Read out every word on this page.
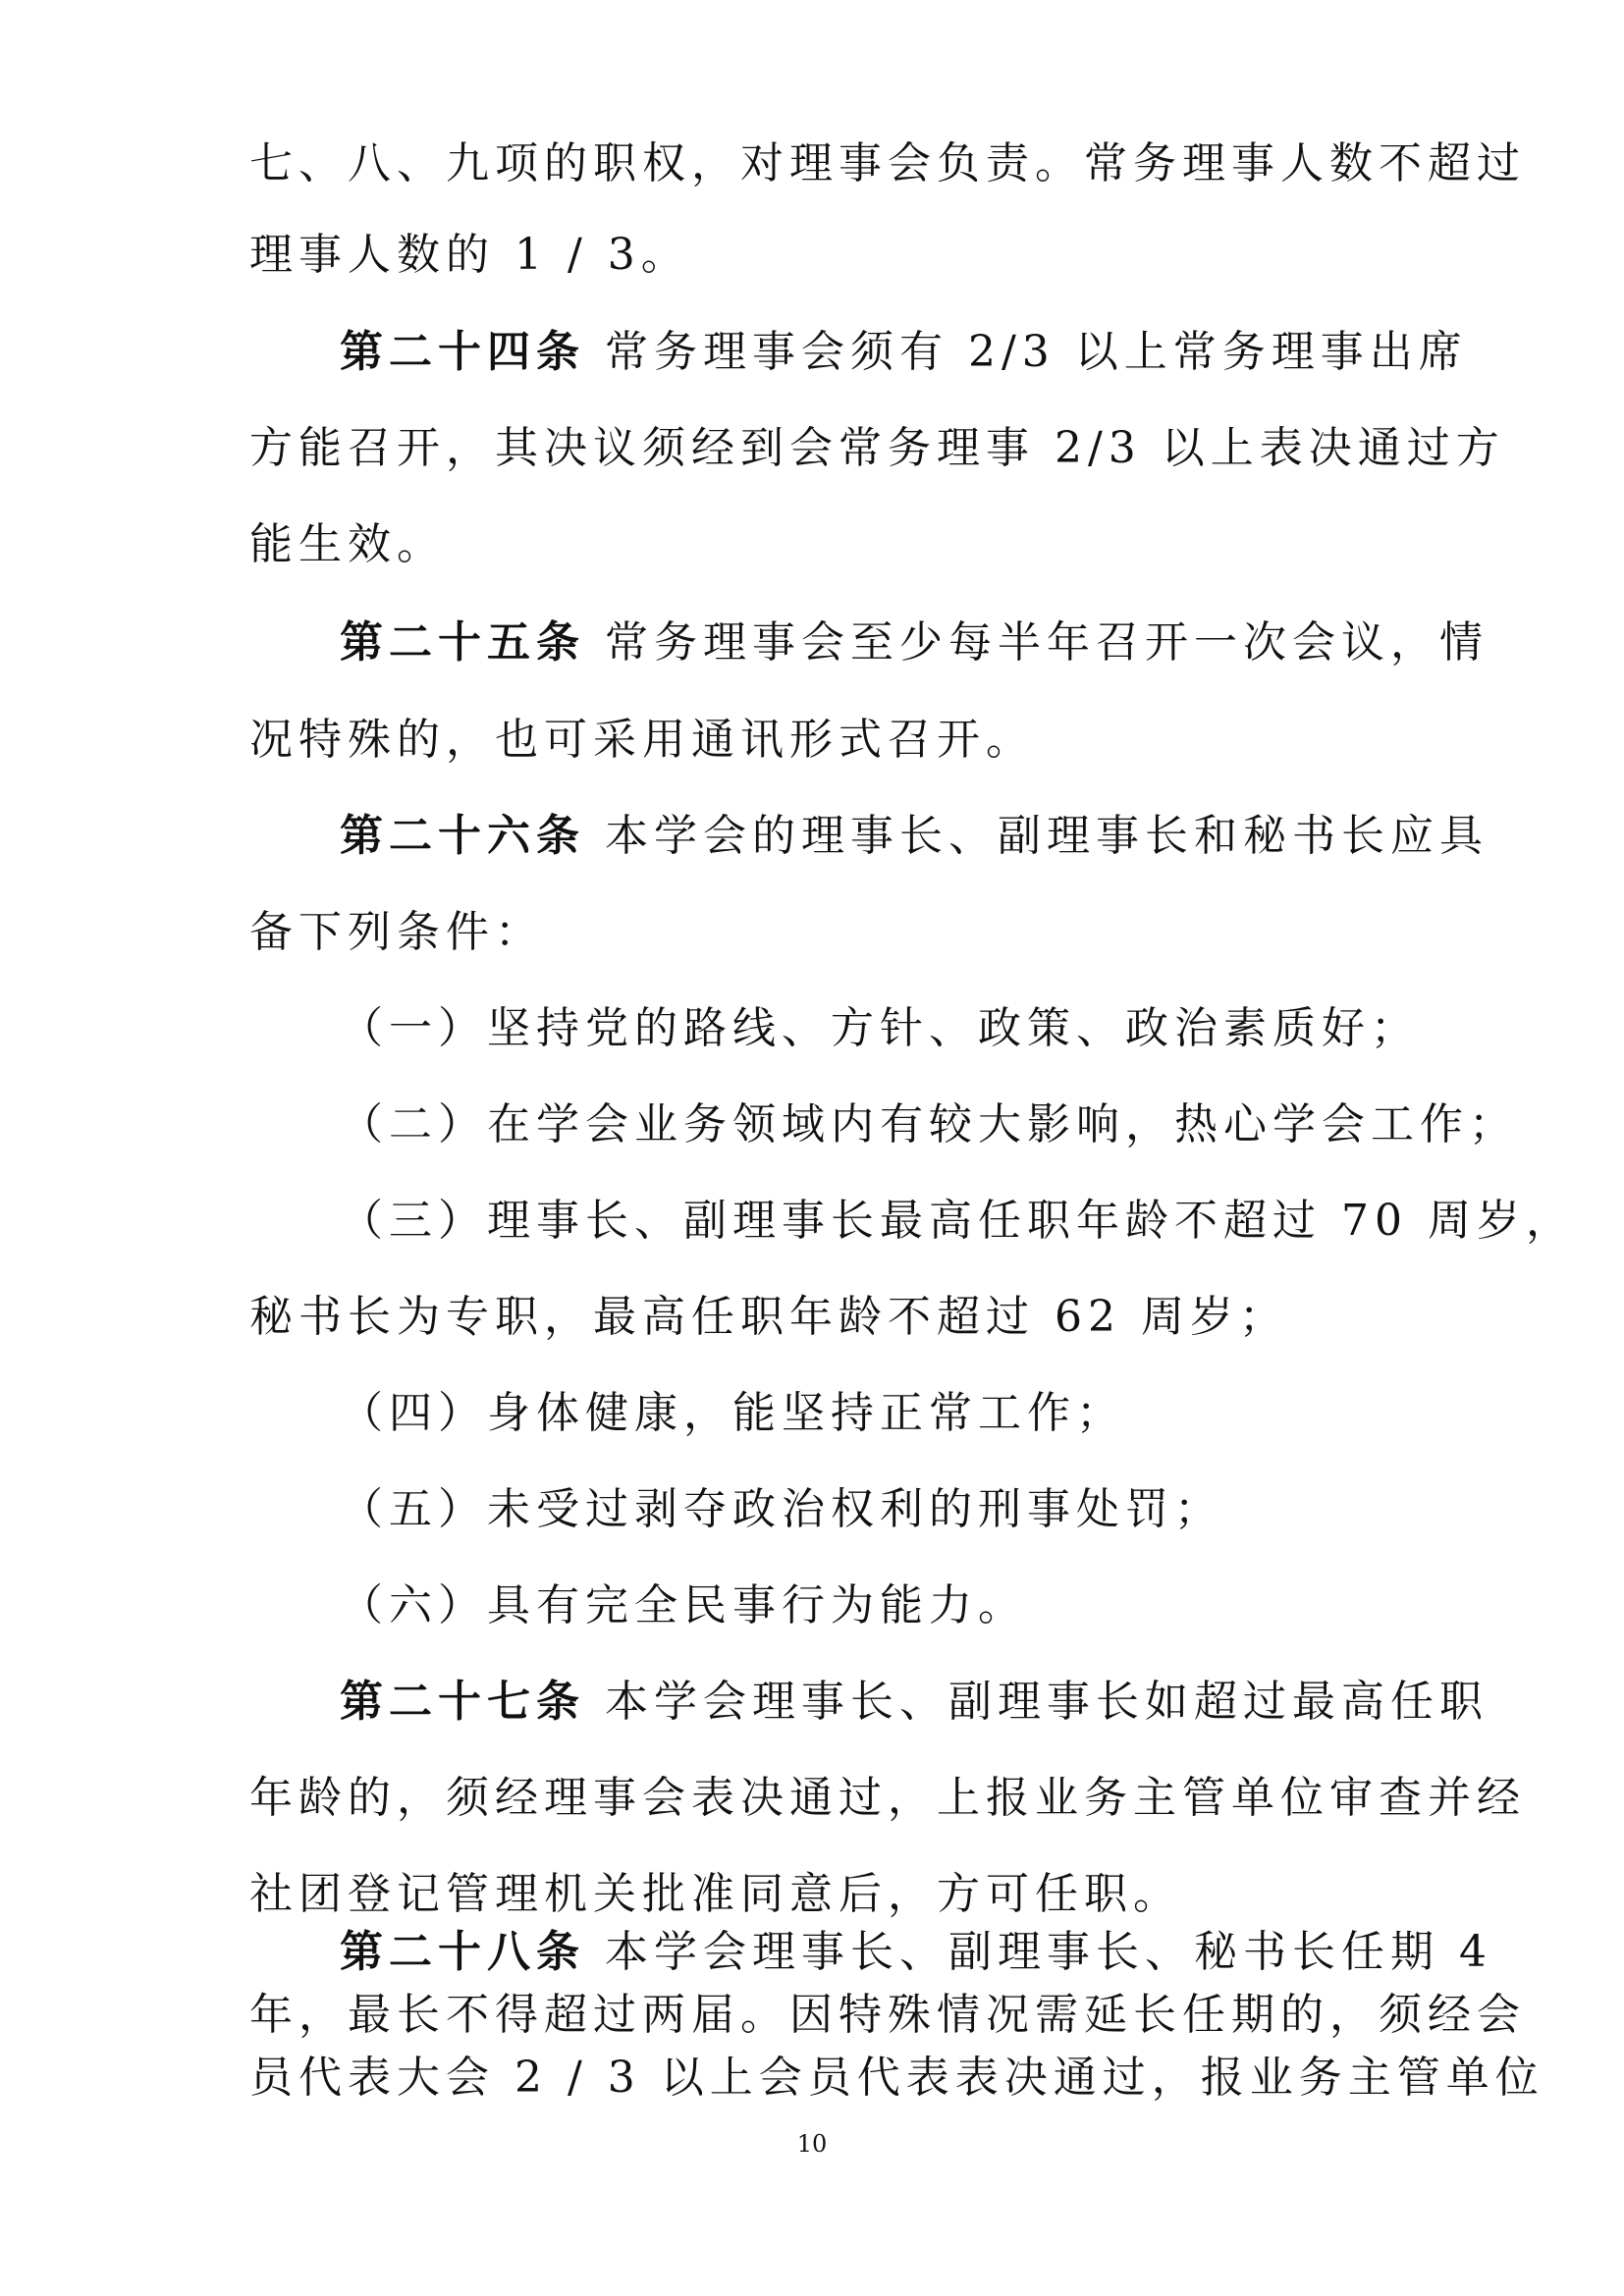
七、八、九项的职权，对理事会负责。常务理事人数不超过
理事人数的 1 / 3。
第二十四条 常务理事会须有 2/3 以上常务理事出席
方能召开，其决议须经到会常务理事 2/3 以上表决通过方
能生效。
第二十五条 常务理事会至少每半年召开一次会议，情
况特殊的，也可采用通讯形式召开。
第二十六条 本学会的理事长、副理事长和秘书长应具
备下列条件：
（一）坚持党的路线、方针、政策、政治素质好；
（二）在学会业务领域内有较大影响，热心学会工作；
（三）理事长、副理事长最高任职年龄不超过 70 周岁，
秘书长为专职，最高任职年龄不超过 62 周岁；
（四）身体健康，能坚持正常工作；
（五）未受过剥夺政治权利的刑事处罚；
（六）具有完全民事行为能力。
第二十七条 本学会理事长、副理事长如超过最高任职
年龄的，须经理事会表决通过，上报业务主管单位审查并经
社团登记管理机关批准同意后，方可任职。
第二十八条 本学会理事长、副理事长、秘书长任期 4
年，最长不得超过两届。因特殊情况需延长任期的，须经会
10
员代表大会 2 / 3 以上会员代表表决通过，报业务主管单位
